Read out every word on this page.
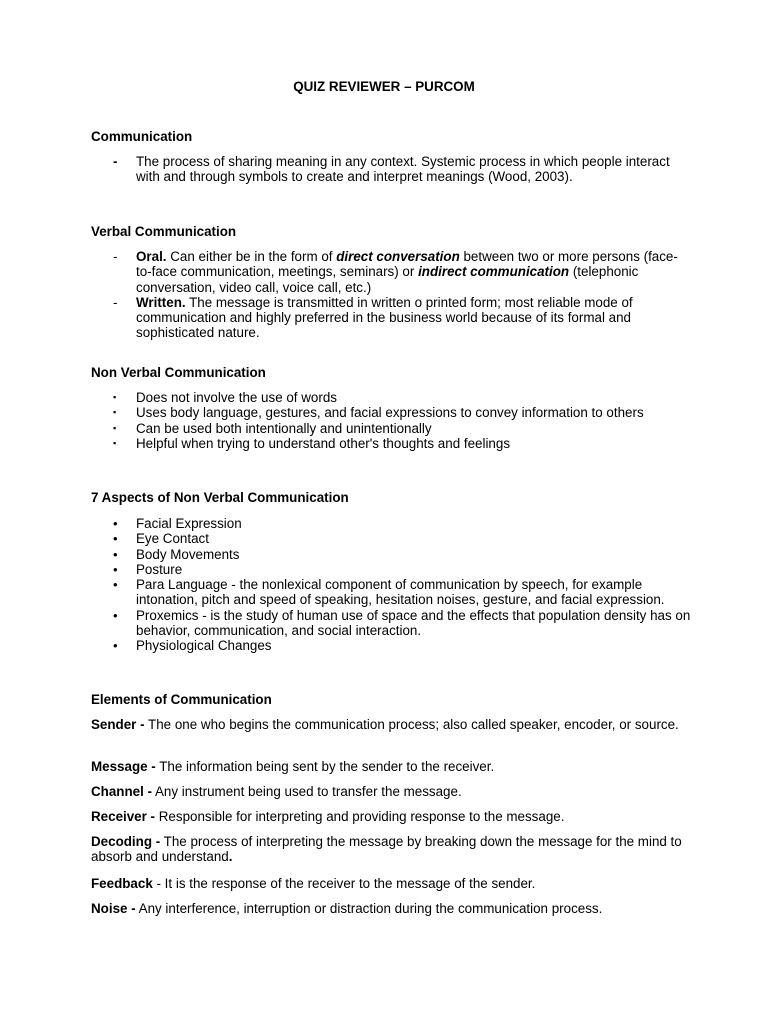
QUIZ REVIEWER – PURCOM
Communication
-	The process of sharing meaning in any context. Systemic process in which people interact with and through symbols to create and interpret meanings (Wood, 2003).
Verbal Communication
-	Oral. Can either be in the form of direct conversation between two or more persons (face-to-face communication, meetings, seminars) or indirect communication (telephonic conversation, video call, voice call, etc.)
-	Written. The message is transmitted in written o printed form; most reliable mode of communication and highly preferred in the business world because of its formal and sophisticated nature.
Non Verbal Communication
▪	Does not involve the use of words
▪	Uses body language, gestures, and facial expressions to convey information to others
▪	Can be used both intentionally and unintentionally
▪	Helpful when trying to understand other's thoughts and feelings
7 Aspects of Non Verbal Communication
•	Facial Expression
•	Eye Contact
•	Body Movements
•	Posture
•	Para Language - the nonlexical component of communication by speech, for example intonation, pitch and speed of speaking, hesitation noises, gesture, and facial expression.
•	Proxemics - is the study of human use of space and the effects that population density has on behavior, communication, and social interaction.
•	Physiological Changes
Elements of Communication

Sender - The one who begins the communication process; also called speaker, encoder, or source.

Message - The information being sent by the sender to the receiver.

Channel - Any instrument being used to transfer the message.

Receiver - Responsible for interpreting and providing response to the message.

Decoding - The process of interpreting the message by breaking down the message for the mind to absorb and understand.

Feedback - It is the response of the receiver to the message of the sender.

Noise - Any interference, interruption or distraction during the communication process.
